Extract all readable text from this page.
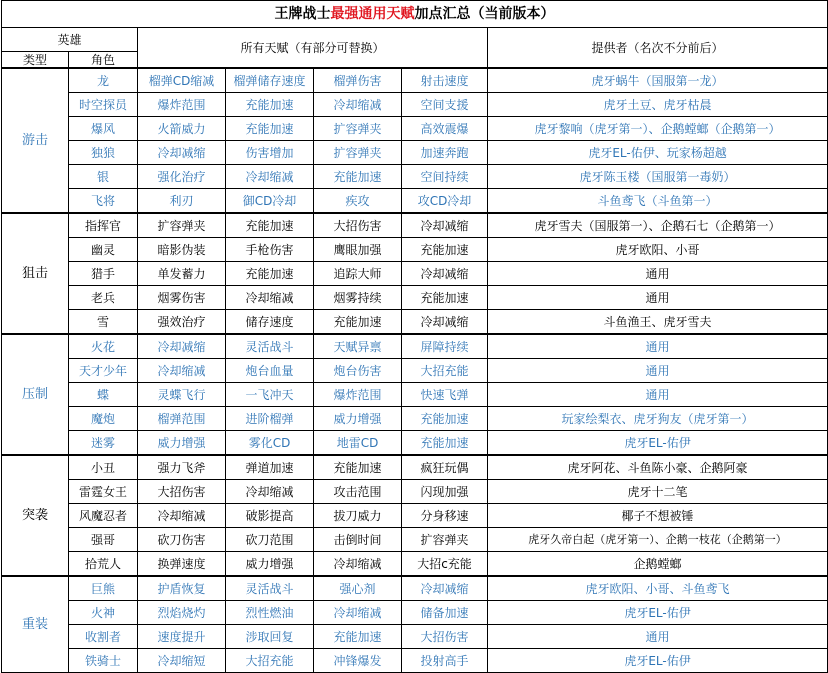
王牌战士最强通用天赋加点汇总（当前版本）						
英雄		所有天赋（有部分可替换）				提供者（名次不分前后）
类型	角色					
游击	龙	榴弹CD缩减	榴弹储存速度	榴弹伤害	射击速度	虎牙蜗牛（国服第一龙）
	时空探员	爆炸范围	充能加速	冷却缩减	空间支援	虎牙土豆、虎牙枯晨
	爆风	火箭威力	充能加速	扩容弹夹	高效震爆	虎牙黎响（虎牙第一）、企鹅螳螂（企鹅第一）
	独狼	冷却减缩	伤害增加	扩容弹夹	加速奔跑	虎牙EL-佑伊、玩家杨超越
	银	强化治疗	冷却缩减	充能加速	空间持续	虎牙陈玉楼（国服第一毒奶）
	飞将	利刃	御CD冷却	疾攻	攻CD冷却	斗鱼鸢飞（斗鱼第一）
狙击	指挥官	扩容弹夹	充能加速	大招伤害	冷却减缩	虎牙雪夫（国服第一）、企鹅石七（企鹅第一）
	幽灵	暗影伪装	手枪伤害	鹰眼加强	充能加速	虎牙欧阳、小哥
	猎手	单发蓄力	充能加速	追踪大师	冷却减缩	通用
	老兵	烟雾伤害	冷却缩减	烟雾持续	充能加速	通用
	雪	强效治疗	储存速度	充能加速	冷却减缩	斗鱼渔王、虎牙雪夫
压制	火花	冷却减缩	灵活战斗	天赋异禀	屏障持续	通用
	天才少年	冷却缩减	炮台血量	炮台伤害	大招充能	通用
	蝶	灵蝶飞行	一飞冲天	爆炸范围	快速飞弹	通用
	魔炮	榴弹范围	进阶榴弹	威力增强	充能加速	玩家绘梨衣、虎牙狗友（虎牙第一）
	迷雾	威力增强	雾化CD	地雷CD	充能加速	虎牙EL-佑伊
突袭	小丑	强力飞斧	弹道加速	充能加速	疯狂玩偶	虎牙阿花、斗鱼陈小豪、企鹅阿豪
	雷霆女王	大招伤害	冷却缩减	攻击范围	闪现加强	虎牙十二笔
	风魔忍者	冷却缩减	破影提高	拔刀威力	分身移速	椰子不想被锤
	强哥	砍刀伤害	砍刀范围	击倒时间	扩容弹夹	虎牙久帝白起（虎牙第一）、企鹅一枝花（企鹅第一）
	拾荒人	换弹速度	威力增强	冷却缩减	大招c充能	企鹅螳螂
重装	巨熊	护盾恢复	灵活战斗	强心剂	冷却减缩	虎牙欧阳、小哥、斗鱼鸢飞
	火神	烈焰烧灼	烈性燃油	冷却缩减	储备加速	虎牙EL-佑伊
	收割者	速度提升	涉取回复	充能加速	大招伤害	通用
	铁骑士	冷却缩短	大招充能	冲锋爆发	投射高手	虎牙EL-佑伊
